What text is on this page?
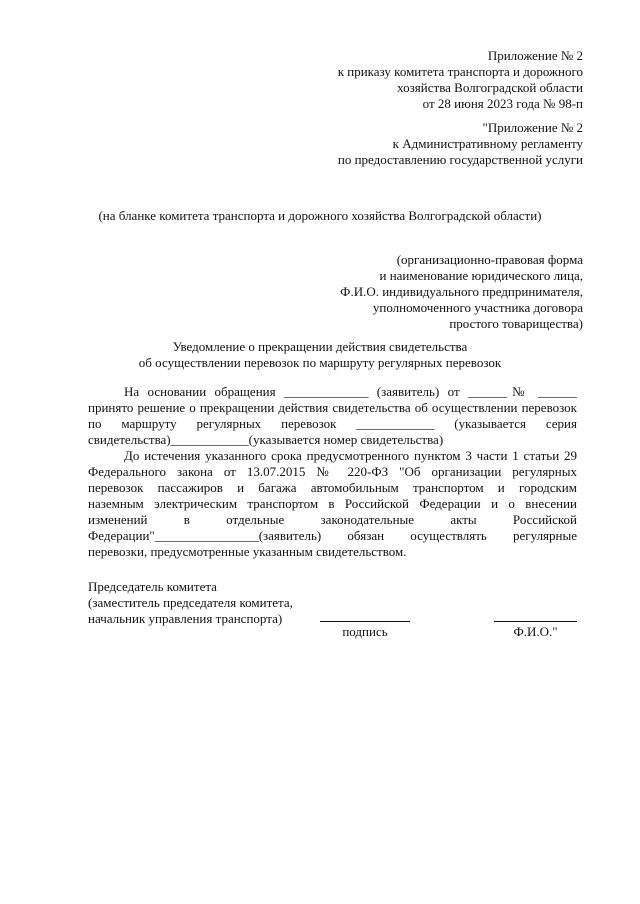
Приложение № 2
к приказу комитета транспорта и дорожного
хозяйства Волгоградской области
от 28 июня 2023 года № 98-п
"Приложение № 2
к Административному регламенту
по предоставлению государственной услуги
(на бланке комитета транспорта и дорожного хозяйства Волгоградской области)
(организационно-правовая форма
и наименование юридического лица,
Ф.И.О. индивидуального предпринимателя,
уполномоченного участника договора
простого товарищества)
Уведомление о прекращении действия свидетельства
об осуществлении перевозок по маршруту регулярных перевозок
На основании обращения _____________ (заявитель) от ______№ ______
принято решение о прекращении действия свидетельства об осуществлении перевозок
по маршруту регулярных перевозок ____________ (указывается серия
свидетельства)____________(указывается номер свидетельства)
До истечения указанного срока предусмотренного пунктом 3 части 1 статьи 29
Федерального закона от 13.07.2015 № 220-ФЗ "Об организации регулярных
перевозок пассажиров и багажа автомобильным транспортом и городским
наземным электрическим транспортом в Российской Федерации и о внесении
изменений в отдельные законодательные акты Российской
Федерации"________________(заявитель) обязан осуществлять регулярные
перевозки, предусмотренные указанным свидетельством.
Председатель комитета
(заместитель председателя комитета,
начальник управления транспорта)
подпись	Ф.И.О."
